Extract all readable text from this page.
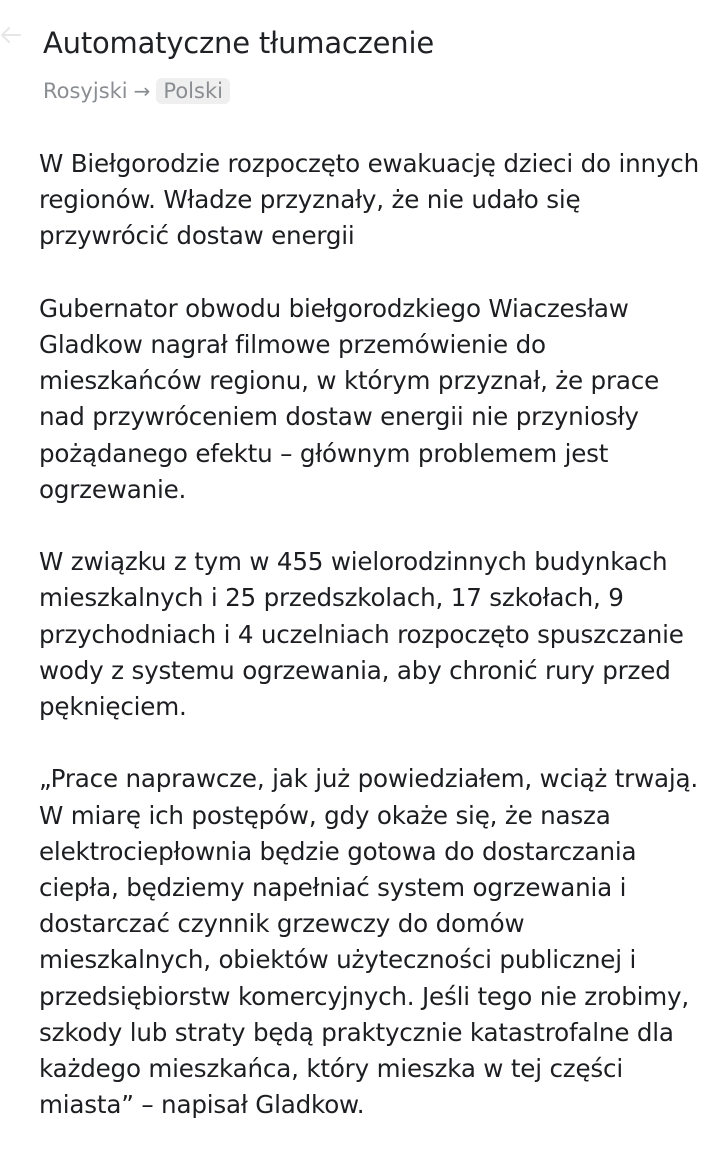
Automatyczne tłumaczenie
Rosyjski → Polski

W Biełgorodzie rozpoczęto ewakuację dzieci do innych regionów. Władze przyznały, że nie udało się przywrócić dostaw energii

Gubernator obwodu biełgorodzkiego Wiaczesław Gladkow nagrał filmowe przemówienie do mieszkańców regionu, w którym przyznał, że prace nad przywróceniem dostaw energii nie przyniosły pożądanego efektu – głównym problemem jest ogrzewanie.

W związku z tym w 455 wielorodzinnych budynkach mieszkalnych i 25 przedszkolach, 17 szkołach, 9 przychodniach i 4 uczelniach rozpoczęto spuszczanie wody z systemu ogrzewania, aby chronić rury przed pęknięciem.

„Prace naprawcze, jak już powiedziałem, wciąż trwają. W miarę ich postępów, gdy okaże się, że nasza elektrociepłownia będzie gotowa do dostarczania ciepła, będziemy napełniać system ogrzewania i dostarczać czynnik grzewczy do domów mieszkalnych, obiektów użyteczności publicznej i przedsiębiorstw komercyjnych. Jeśli tego nie zrobimy, szkody lub straty będą praktycznie katastrofalne dla każdego mieszkańca, który mieszka w tej części miasta” – napisał Gladkow.
